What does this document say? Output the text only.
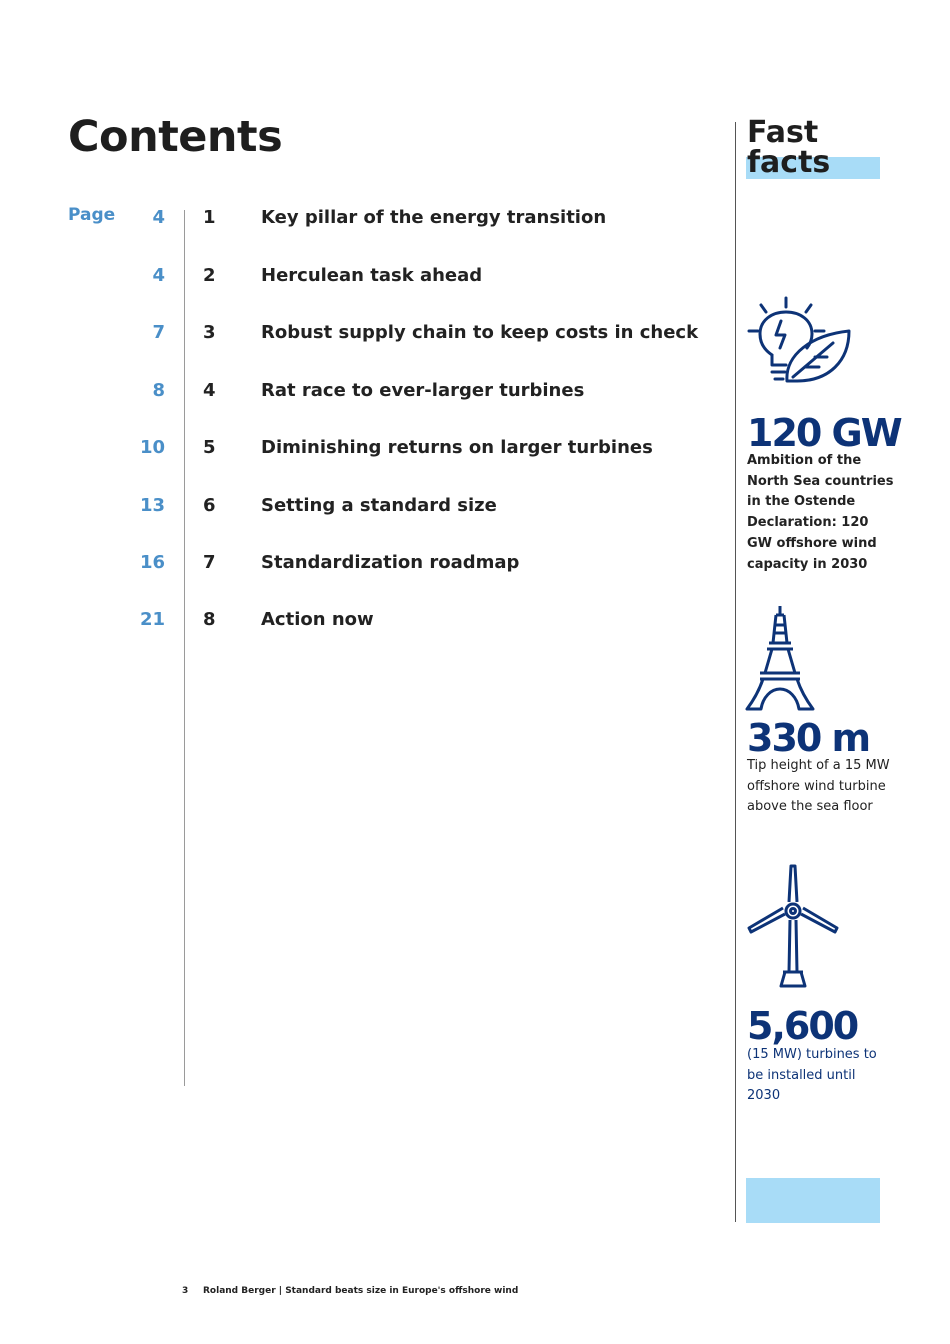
Contents
Page	4 1	Key pillar of the energy transition
4 2	Herculean task ahead
7 3	Robust supply chain to keep costs in check
8 4	Rat race to ever-larger turbines
10 5	Diminishing returns on larger turbines
13 6	Setting a standard size
16 7	Standardization roadmap
21 8	Action now
Fast
facts
120 GW
Ambition of the North Sea countries in the Ostende Declaration: 120 GW offshore wind capacity in 2030
330 m
Tip height of a 15 MW offshore wind turbine above the sea floor
5,600
(15 MW) turbines to be installed until 2030
3 Roland Berger | Standard beats size in Europe's offshore wind
